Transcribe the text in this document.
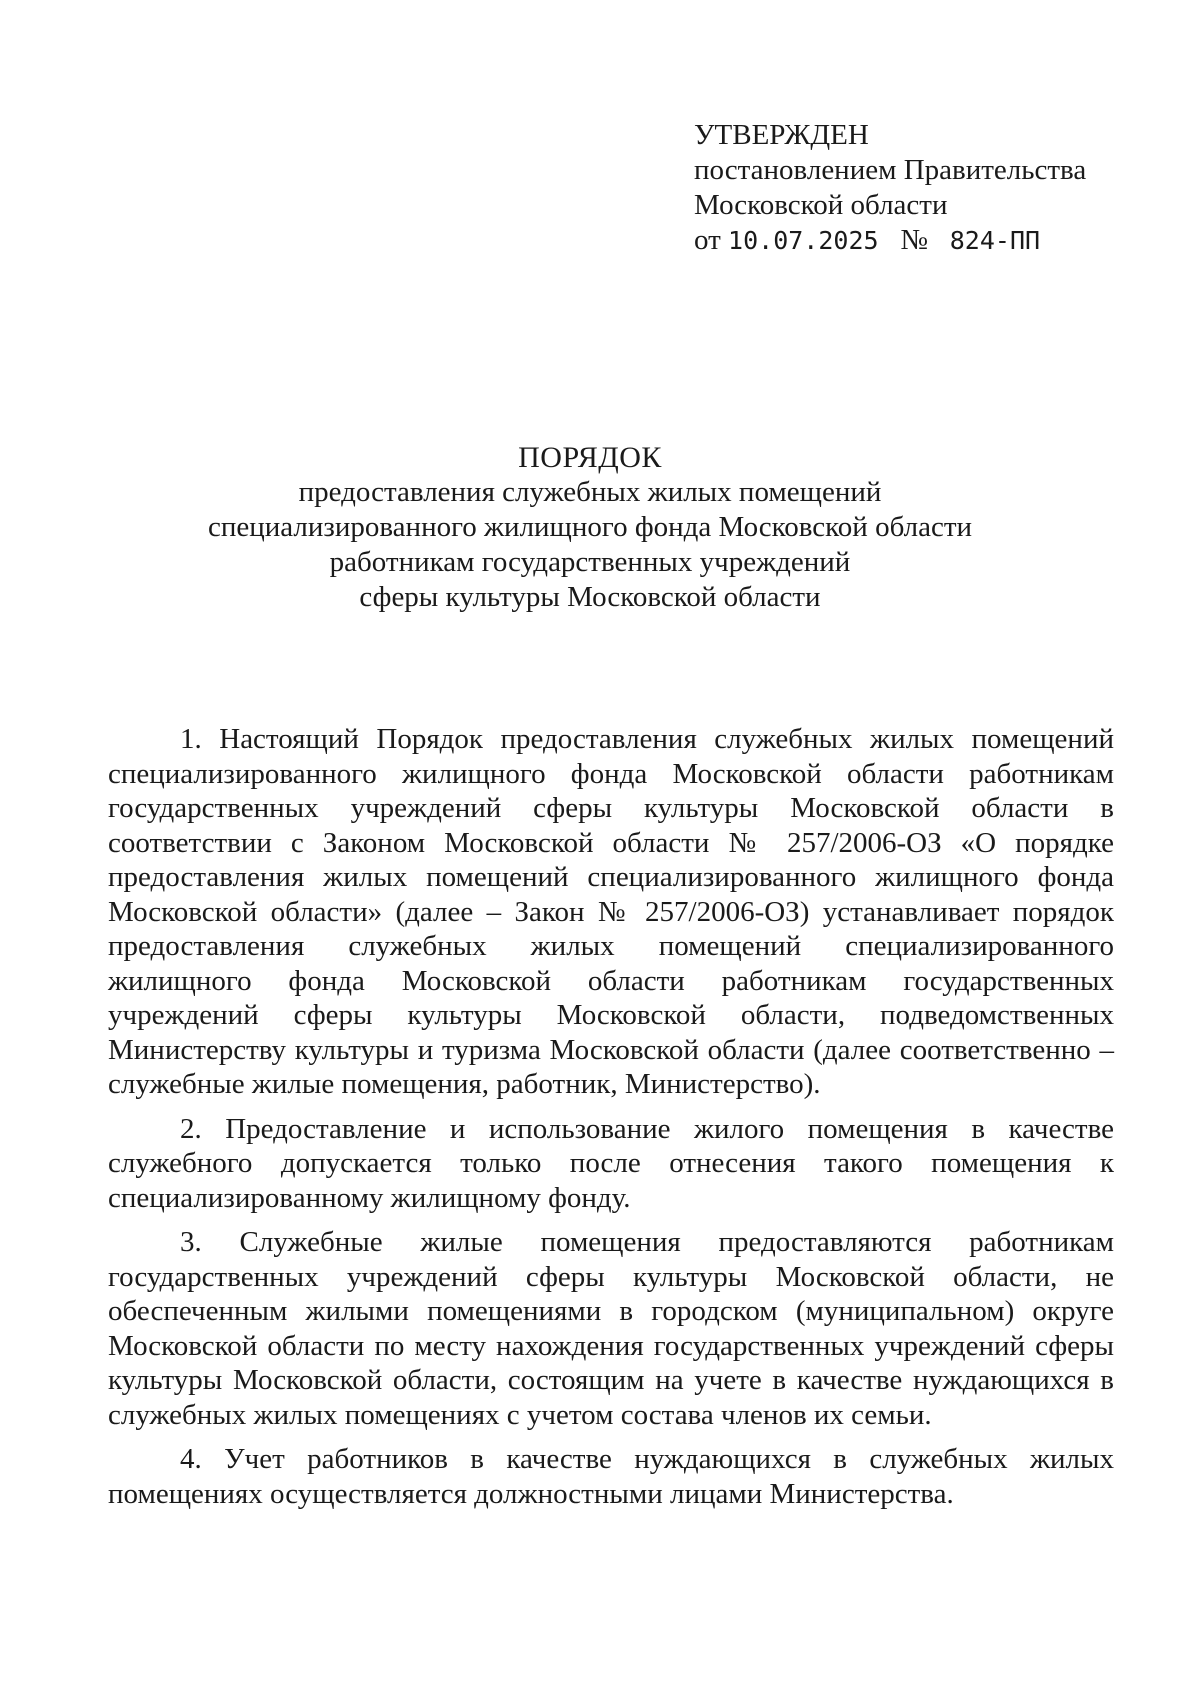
УТВЕРЖДЕН
постановлением Правительства
Московской области
от 10.07.2025 № 824-ПП
ПОРЯДОК
предоставления служебных жилых помещений
специализированного жилищного фонда Московской области
работникам государственных учреждений
сферы культуры Московской области

1. Настоящий Порядок предоставления служебных жилых помещений специализированного жилищного фонда Московской области работникам государственных учреждений сферы культуры Московской области в соответствии с Законом Московской области № 257/2006-ОЗ «О порядке предоставления жилых помещений специализированного жилищного фонда Московской области» (далее – Закон № 257/2006-ОЗ) устанавливает порядок предоставления служебных жилых помещений специализированного жилищного фонда Московской области работникам государственных учреждений сферы культуры Московской области, подведомственных Министерству культуры и туризма Московской области (далее соответственно – служебные жилые помещения, работник, Министерство).

2. Предоставление и использование жилого помещения в качестве служебного допускается только после отнесения такого помещения к специализированному жилищному фонду.

3. Служебные жилые помещения предоставляются работникам государственных учреждений сферы культуры Московской области, не обеспеченным жилыми помещениями в городском (муниципальном) округе Московской области по месту нахождения государственных учреждений сферы культуры Московской области, состоящим на учете в качестве нуждающихся в служебных жилых помещениях с учетом состава членов их семьи.

4. Учет работников в качестве нуждающихся в служебных жилых помещениях осуществляется должностными лицами Министерства.
